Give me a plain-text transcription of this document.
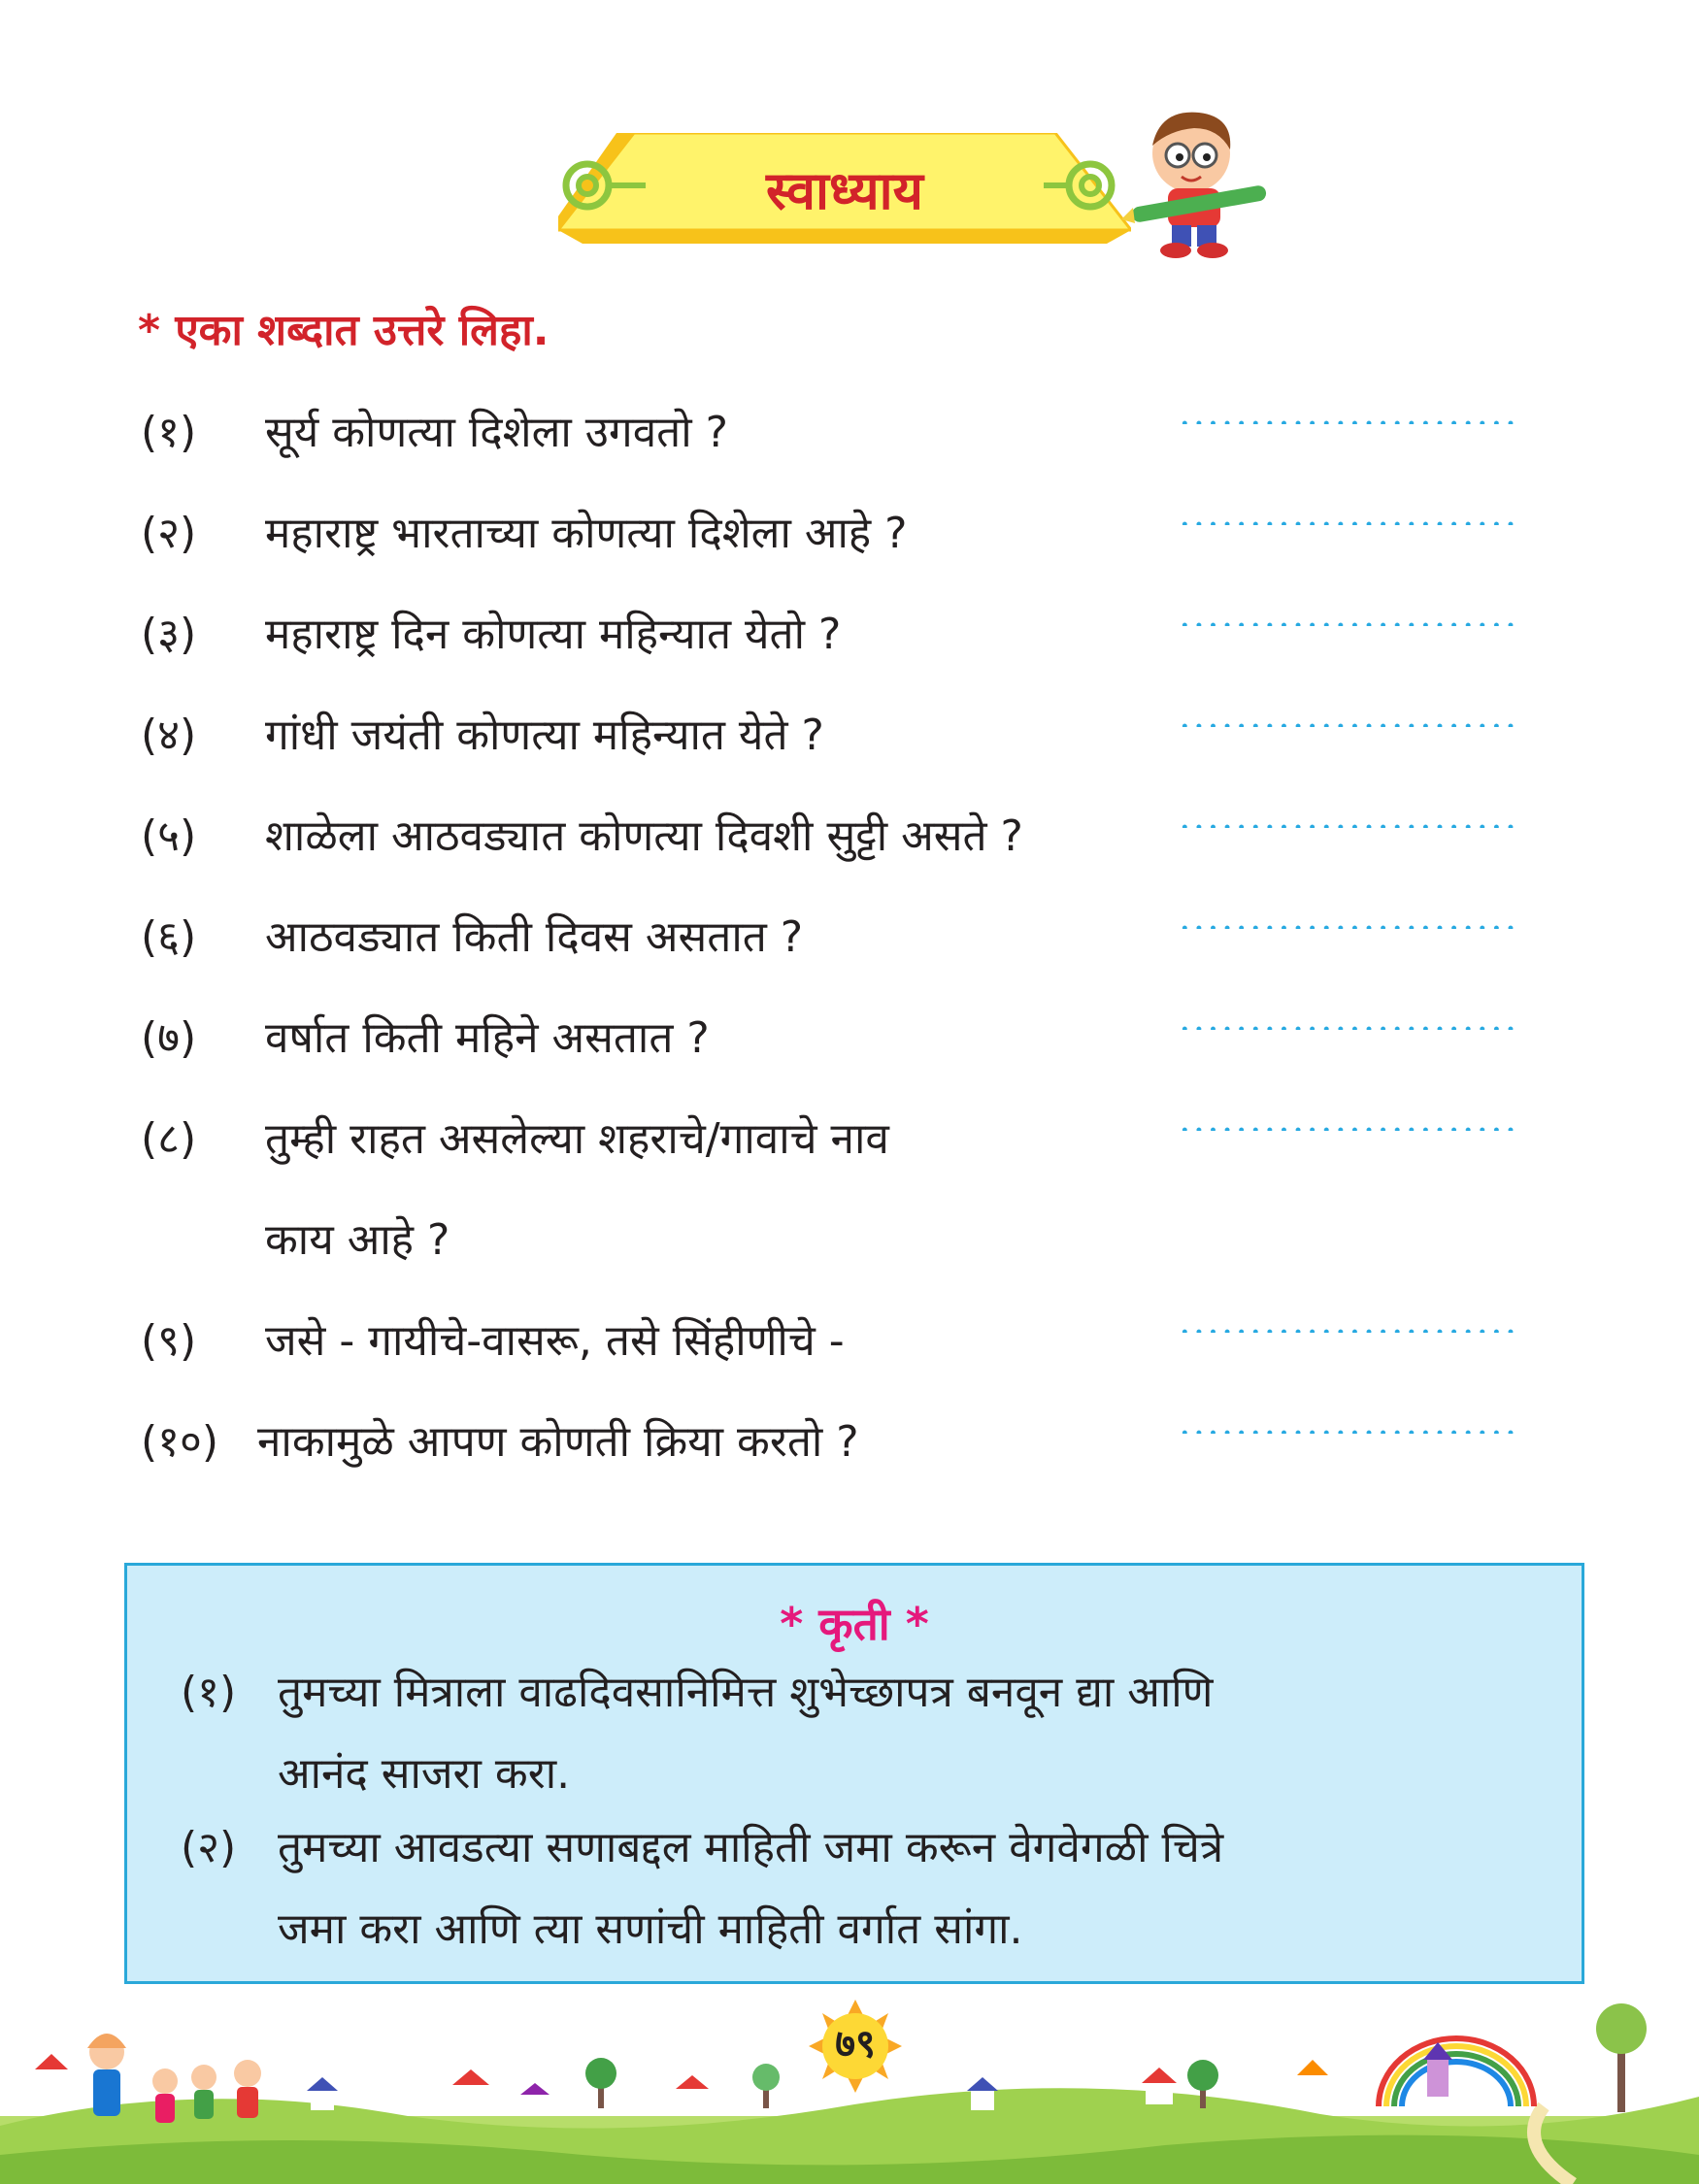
स्वाध्याय
* एका शब्दात उत्तरे लिहा.
(१) सूर्य कोणत्या दिशेला उगवतो ?
(२) महाराष्ट्र भारताच्या कोणत्या दिशेला आहे ?
(३) महाराष्ट्र दिन कोणत्या महिन्यात येतो ?
(४) गांधी जयंती कोणत्या महिन्यात येते ?
(५) शाळेला आठवड्यात कोणत्या दिवशी सुट्टी असते ?
(६) आठवड्यात किती दिवस असतात ?
(७) वर्षात किती महिने असतात ?
(८) तुम्ही राहत असलेल्या शहराचे/गावाचे नाव
काय आहे ?
(९) जसे - गायीचे-वासरू, तसे सिंहीणीचे -
(१०) नाकामुळे आपण कोणती क्रिया करतो ?
* कृती *
(१) तुमच्या मित्राला वाढदिवसानिमित्त शुभेच्छापत्र बनवून द्या आणि
आनंद साजरा करा.
(२) तुमच्या आवडत्या सणाबद्दल माहिती जमा करून वेगवेगळी चित्रे
जमा करा आणि त्या सणांची माहिती वर्गात सांगा.
७९
